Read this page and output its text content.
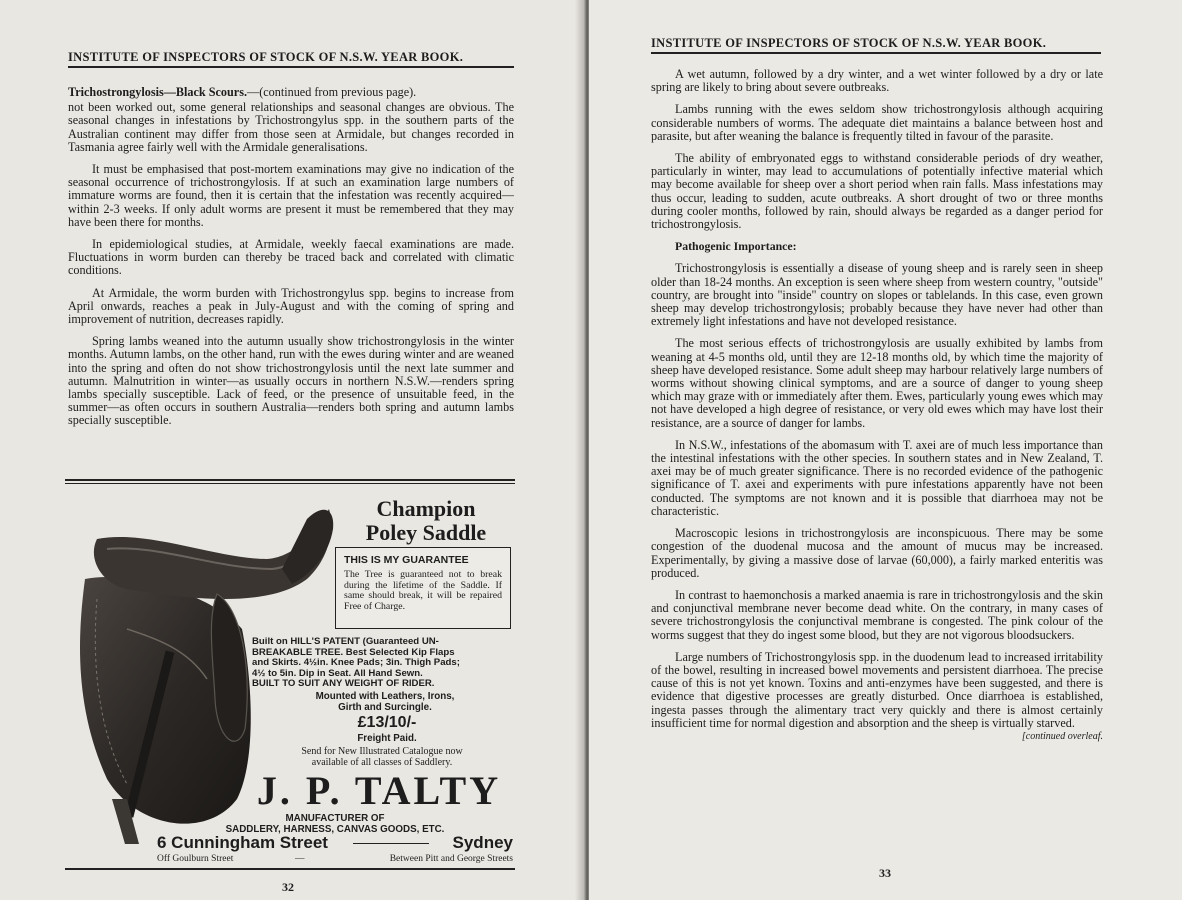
INSTITUTE OF INSPECTORS OF STOCK OF N.S.W. YEAR BOOK.

Trichostrongylosis—Black Scours.—(continued from previous page).

not been worked out, some general relationships and seasonal changes are obvious. The seasonal changes in infestations by Trichostrongylus spp. in the southern parts of the Australian continent may differ from those seen at Armidale, but changes recorded in Tasmania agree fairly well with the Armidale generalisations.

It must be emphasised that post-mortem examinations may give no indication of the seasonal occurrence of trichostrongylosis. If at such an examination large numbers of immature worms are found, then it is certain that the infestation was recently acquired—within 2-3 weeks. If only adult worms are present it must be remembered that they may have been there for months.

In epidemiological studies, at Armidale, weekly faecal examinations are made. Fluctuations in worm burden can thereby be traced back and correlated with climatic conditions.

At Armidale, the worm burden with Trichostrongylus spp. begins to increase from April onwards, reaches a peak in July-August and with the coming of spring and improvement of nutrition, decreases rapidly.

Spring lambs weaned into the autumn usually show trichostrongylosis in the winter months. Autumn lambs, on the other hand, run with the ewes during winter and are weaned into the spring and often do not show trichostrongylosis until the next late summer and autumn. Malnutrition in winter—as usually occurs in northern N.S.W.—renders spring lambs specially susceptible. Lack of feed, or the presence of unsuitable feed, in the summer—as often occurs in southern Australia—renders both spring and autumn lambs specially susceptible.

Champion
Poley Saddle
THIS IS MY GUARANTEE
The Tree is guaranteed not to break during the lifetime of the Saddle. If same should break, it will be repaired Free of Charge.
Built on HILL'S PATENT (Guaranteed UN-
BREAKABLE TREE. Best Selected Kip Flaps
and Skirts. 4½in. Knee Pads; 3in. Thigh Pads;
4½ to 5in. Dip in Seat. All Hand Sewn.
BUILT TO SUIT ANY WEIGHT OF RIDER.
Mounted with Leathers, Irons,
Girth and Surcingle.
£13/10/-
Freight Paid.
Send for New Illustrated Catalogue now
available of all classes of Saddlery.
J. P. TALTY
MANUFACTURER OF
SADDLERY, HARNESS, CANVAS GOODS, ETC.
6 Cunningham Street	Sydney
Off Goulburn Street	—	Between Pitt and George Streets
32
INSTITUTE OF INSPECTORS OF STOCK OF N.S.W. YEAR BOOK.

A wet autumn, followed by a dry winter, and a wet winter followed by a dry or late spring are likely to bring about severe outbreaks.

Lambs running with the ewes seldom show trichostrongylosis although acquiring considerable numbers of worms. The adequate diet maintains a balance between host and parasite, but after weaning the balance is frequently tilted in favour of the parasite.

The ability of embryonated eggs to withstand considerable periods of dry weather, particularly in winter, may lead to accumulations of potentially infective material which may become available for sheep over a short period when rain falls. Mass infestations may thus occur, leading to sudden, acute outbreaks. A short drought of two or three months during cooler months, followed by rain, should always be regarded as a danger period for trichostrongylosis.

Pathogenic Importance:

Trichostrongylosis is essentially a disease of young sheep and is rarely seen in sheep older than 18-24 months. An exception is seen where sheep from western country, "outside" country, are brought into "inside" country on slopes or tablelands. In this case, even grown sheep may develop trichostrongylosis; probably because they have never had other than extremely light infestations and have not developed resistance.

The most serious effects of trichostrongylosis are usually exhibited by lambs from weaning at 4-5 months old, until they are 12-18 months old, by which time the majority of sheep have developed resistance. Some adult sheep may harbour relatively large numbers of worms without showing clinical symptoms, and are a source of danger to young sheep which may graze with or immediately after them. Ewes, particularly young ewes which may not have developed a high degree of resistance, or very old ewes which may have lost their resistance, are a source of danger for lambs.

In N.S.W., infestations of the abomasum with T. axei are of much less importance than the intestinal infestations with the other species. In southern states and in New Zealand, T. axei may be of much greater significance. There is no recorded evidence of the pathogenic significance of T. axei and experiments with pure infestations apparently have not been conducted. The symptoms are not known and it is possible that diarrhoea may not be characteristic.

Macroscopic lesions in trichostrongylosis are inconspicuous. There may be some congestion of the duodenal mucosa and the amount of mucus may be increased. Experimentally, by giving a massive dose of larvae (60,000), a fairly marked enteritis was produced.

In contrast to haemonchosis a marked anaemia is rare in trichostrongylosis and the skin and conjunctival membrane never become dead white. On the contrary, in many cases of severe trichostrongylosis the conjunctival membrane is congested. The pink colour of the worms suggest that they do ingest some blood, but they are not vigorous bloodsuckers.

Large numbers of Trichostrongylosis spp. in the duodenum lead to increased irritability of the bowel, resulting in increased bowel movements and persistent diarrhoea. The precise cause of this is not yet known. Toxins and anti-enzymes have been suggested, and there is evidence that digestive processes are greatly disturbed. Once diarrhoea is established, ingesta passes through the alimentary tract very quickly and there is almost certainly insufficient time for normal digestion and absorption and the sheep is virtually starved.

[continued overleaf.
33
